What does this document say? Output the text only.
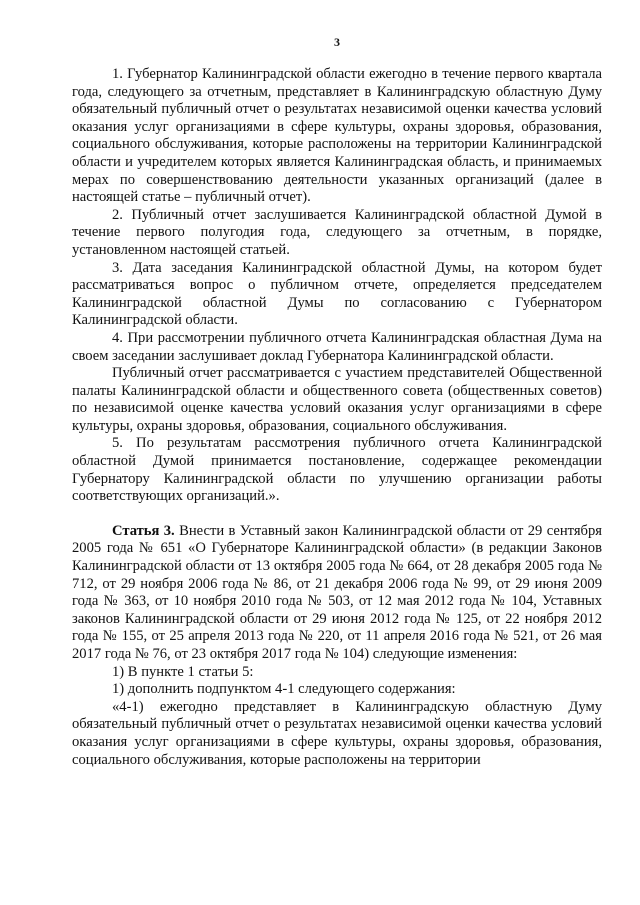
3

1. Губернатор Калининградской области ежегодно в течение первого квартала года, следующего за отчетным, представляет в Калининградскую областную Думу обязательный публичный отчет о результатах независимой оценки качества условий оказания услуг организациями в сфере культуры, охраны здоровья, образования, социального обслуживания, которые расположены на территории Калининградской области и учредителем которых является Калининградская область, и принимаемых мерах по совершенствованию деятельности указанных организаций (далее в настоящей статье – публичный отчет).

2. Публичный отчет заслушивается Калининградской областной Думой в течение первого полугодия года, следующего за отчетным, в порядке, установленном настоящей статьей.

3. Дата заседания Калининградской областной Думы, на котором будет рассматриваться вопрос о публичном отчете, определяется председателем Калининградской областной Думы по согласованию с Губернатором Калининградской области.

4. При рассмотрении публичного отчета Калининградская областная Дума на своем заседании заслушивает доклад Губернатора Калининградской области.

Публичный отчет рассматривается с участием представителей Общественной палаты Калининградской области и общественного совета (общественных советов) по независимой оценке качества условий оказания услуг организациями в сфере культуры, охраны здоровья, образования, социального обслуживания.

5. По результатам рассмотрения публичного отчета Калининградской областной Думой принимается постановление, содержащее рекомендации Губернатору Калининградской области по улучшению организации работы соответствующих организаций.».

Статья 3. Внести в Уставный закон Калининградской области от 29 сентября 2005 года № 651 «О Губернаторе Калининградской области» (в редакции Законов Калининградской области от 13 октября 2005 года № 664, от 28 декабря 2005 года № 712, от 29 ноября 2006 года № 86, от 21 декабря 2006 года № 99, от 29 июня 2009 года № 363, от 10 ноября 2010 года № 503, от 12 мая 2012 года № 104, Уставных законов Калининградской области от 29 июня 2012 года № 125, от 22 ноября 2012 года № 155, от 25 апреля 2013 года № 220, от 11 апреля 2016 года № 521, от 26 мая 2017 года № 76, от 23 октября 2017 года № 104) следующие изменения:

1) В пункте 1 статьи 5:

1) дополнить подпунктом 4-1 следующего содержания:

«4-1) ежегодно представляет в Калининградскую областную Думу обязательный публичный отчет о результатах независимой оценки качества условий оказания услуг организациями в сфере культуры, охраны здоровья, образования, социального обслуживания, которые расположены на территории
